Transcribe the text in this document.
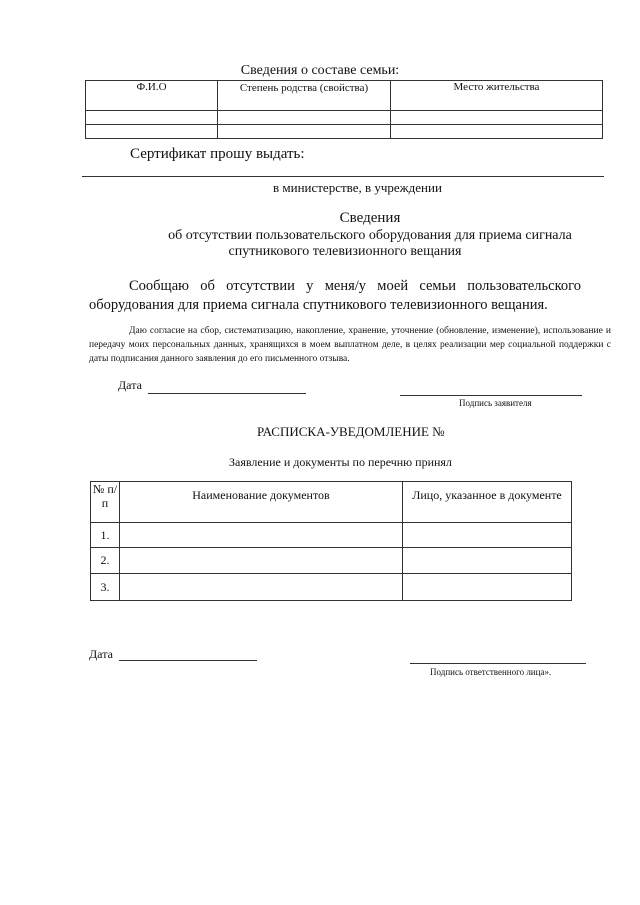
Сведения о составе семьи:
Ф.И.О	Степень родства (свойства)	Место жительства

Сертификат прошу выдать:
в министерстве, в учреждении
Сведения
об отсутствии пользовательского оборудования для приема сигнала
спутникового телевизионного вещания
Сообщаю об отсутствии у меня/у моей семьи пользовательского оборудования для приема сигнала спутникового телевизионного вещания.
Даю согласие на сбор, систематизацию, накопление, хранение, уточнение (обновление, изменение), использование и передачу моих персональных данных, хранящихся в моем выплатном деле, в целях реализации мер социальной поддержки с даты подписания данного заявления до его письменного отзыва.
Дата
Подпись заявителя
РАСПИСКА-УВЕДОМЛЕНИЕ №
Заявление и документы по перечню принял
№ п/п	Наименование документов	Лицо, указанное в документе
1.		
2.		
3.		
Дата
Подпись ответственного лица».
